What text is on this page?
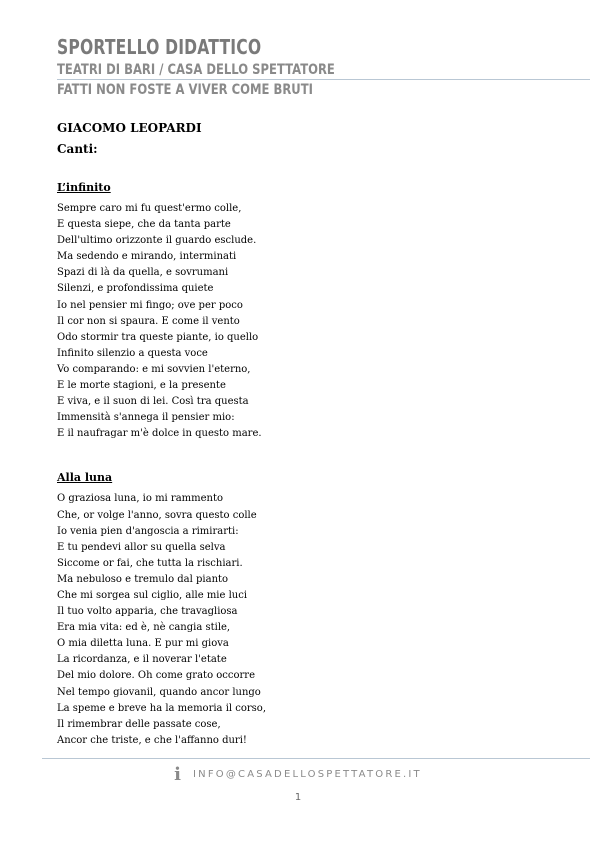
SPORTELLO DIDATTICO
TEATRI DI BARI / CASA DELLO SPETTATORE
FATTI NON FOSTE A VIVER COME BRUTI
GIACOMO LEOPARDI
Canti:
L’infinito
Sempre caro mi fu quest'ermo colle,
E questa siepe, che da tanta parte
Dell'ultimo orizzonte il guardo esclude.
Ma sedendo e mirando, interminati
Spazi di là da quella, e sovrumani
Silenzi, e profondissima quiete
Io nel pensier mi fingo; ove per poco
Il cor non si spaura. E come il vento
Odo stormir tra queste piante, io quello
Infinito silenzio a questa voce
Vo comparando: e mi sovvien l'eterno,
E le morte stagioni, e la presente
E viva, e il suon di lei. Così tra questa
Immensità s'annega il pensier mio:
E il naufragar m'è dolce in questo mare.
Alla luna
O graziosa luna, io mi rammento
Che, or volge l'anno, sovra questo colle
Io venia pien d'angoscia a rimirarti:
E tu pendevi allor su quella selva
Siccome or fai, che tutta la rischiari.
Ma nebuloso e tremulo dal pianto
Che mi sorgea sul ciglio, alle mie luci
Il tuo volto apparia, che travagliosa
Era mia vita: ed è, nè cangia stile,
O mia diletta luna. E pur mi giova
La ricordanza, e il noverar l'etate
Del mio dolore. Oh come grato occorre
Nel tempo giovanil, quando ancor lungo
La speme e breve ha la memoria il corso,
Il rimembrar delle passate cose,
Ancor che triste, e che l'affanno duri!
i INFO@CASADELLOSPETTATORE.IT
1
